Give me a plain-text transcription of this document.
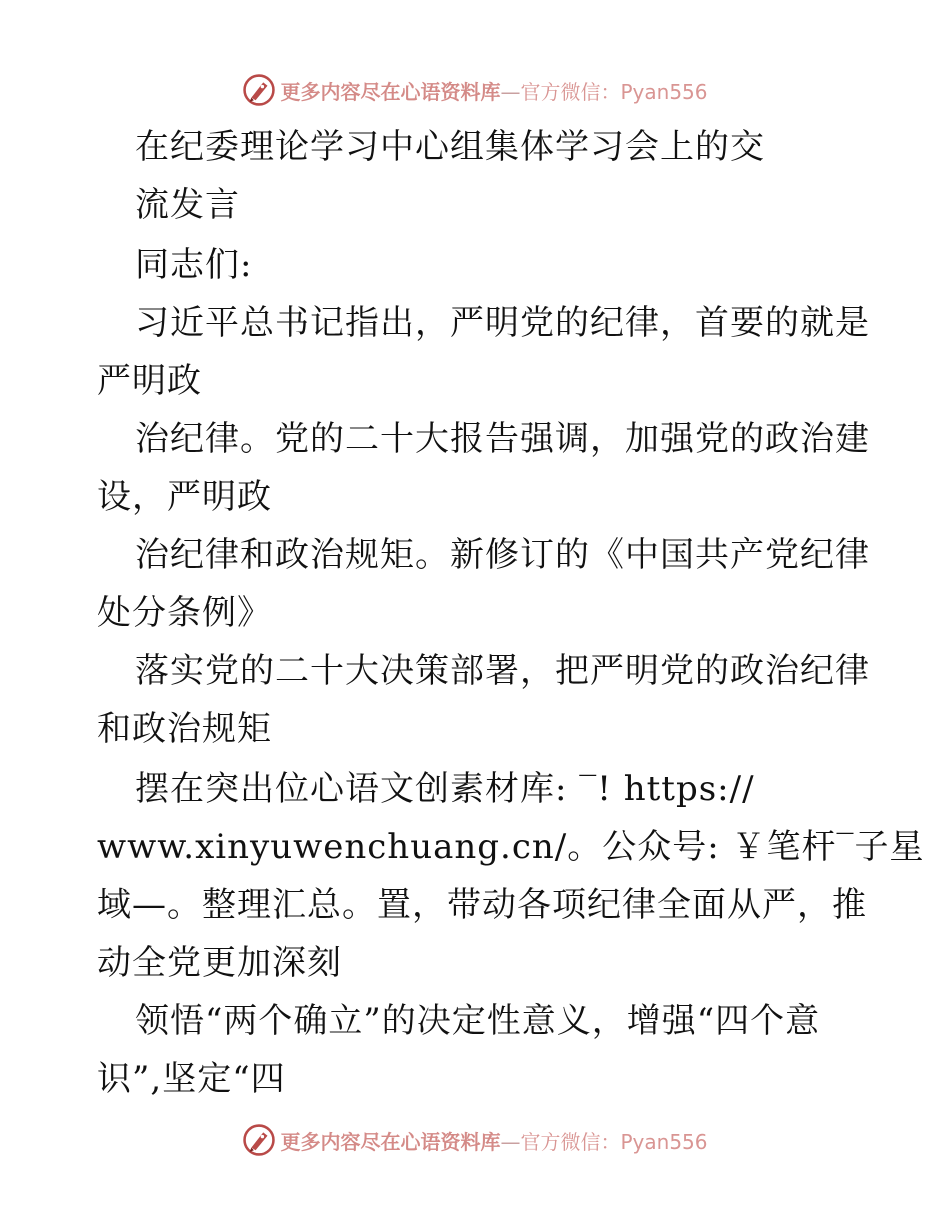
更多内容尽在心语资料库—官方微信：Pyan556
在纪委理论学习中心组集体学习会上的交
流发言
同志们:
习近平总书记指出，严明党的纪律，首要的就是
严明政
治纪律。党的二十大报告强调，加强党的政治建
设，严明政
治纪律和政治规矩。新修订的《中国共产党纪律
处分条例》
落实党的二十大决策部署，把严明党的政治纪律
和政治规矩
摆在突出位心语文创素材库: ‾! https://
www.xinyuwenchuang.cn/。公众号: ￥笔杆‾子星
域—。整理汇总。置，带动各项纪律全面从严，推
动全党更加深刻
领悟“两个确立”的决定性意义，增强“四个意
识”,坚定“四
更多内容尽在心语资料库—官方微信：Pyan556
